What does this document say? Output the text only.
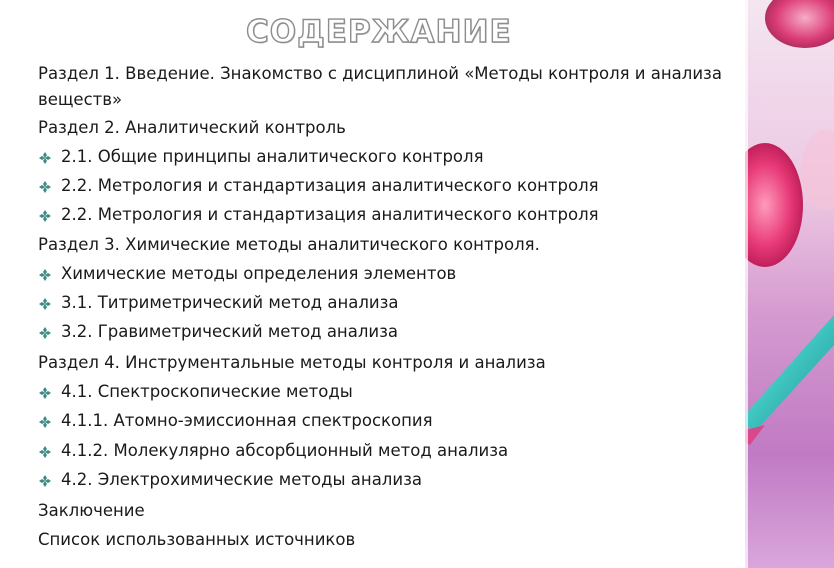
СОДЕРЖАНИЕ
Раздел 1. Введение. Знакомство с дисциплиной «Методы контроля и анализа
веществ»
Раздел 2. Аналитический контроль
2.1. Общие принципы аналитического контроля
2.2. Метрология и стандартизация аналитического контроля
2.2. Метрология и стандартизация аналитического контроля
Раздел 3. Химические методы аналитического контроля.
Химические методы определения элементов
3.1. Титриметрический метод анализа
3.2. Гравиметрический метод анализа
Раздел 4. Инструментальные методы контроля и анализа
4.1. Спектроскопические методы
4.1.1. Атомно-эмиссионная спектроскопия
4.1.2. Молекулярно абсорбционный метод анализа
4.2. Электрохимические методы анализа
Заключение
Список использованных источников
